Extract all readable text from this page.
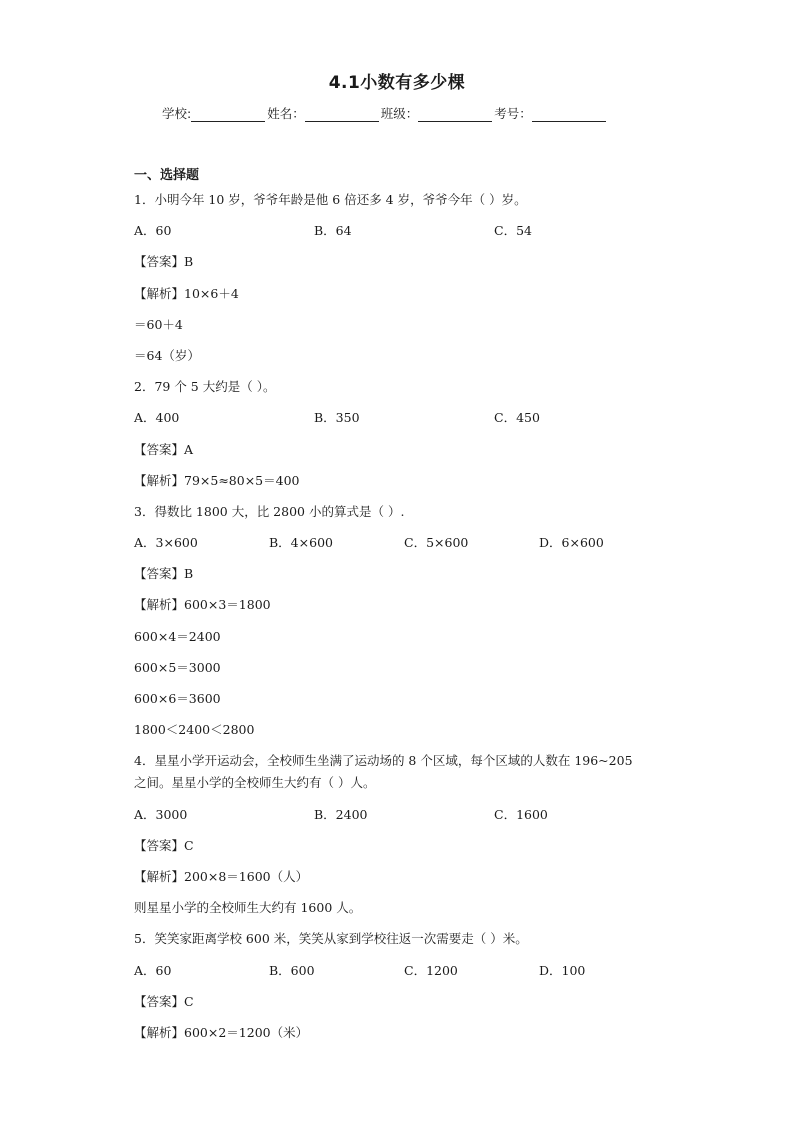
4.1小数有多少棵
学校:	姓名：	班级：	考号：
一、选择题
1．小明今年 10 岁，爷爷年龄是他 6 倍还多 4 岁，爷爷今年（ ）岁。
A．60	B．64	C．54
【答案】B
【解析】10×6＋4
＝60＋4
＝64（岁）
2．79 个 5 大约是（ ）。
A．400	B．350	C．450
【答案】A
【解析】79×5≈80×5＝400
3．得数比 1800 大，比 2800 小的算式是（ ）.
A．3×600	B．4×600	C．5×600	D．6×600
【答案】B
【解析】600×3＝1800
600×4＝2400
600×5＝3000
600×6＝3600
1800＜2400＜2800
4．星星小学开运动会，全校师生坐满了运动场的 8 个区域，每个区域的人数在 196~205
之间。星星小学的全校师生大约有（ ）人。
A．3000	B．2400	C．1600
【答案】C
【解析】200×8＝1600（人）
则星星小学的全校师生大约有 1600 人。
5．笑笑家距离学校 600 米，笑笑从家到学校往返一次需要走（ ）米。
A．60	B．600	C．1200	D．100
【答案】C
【解析】600×2＝1200（米）
